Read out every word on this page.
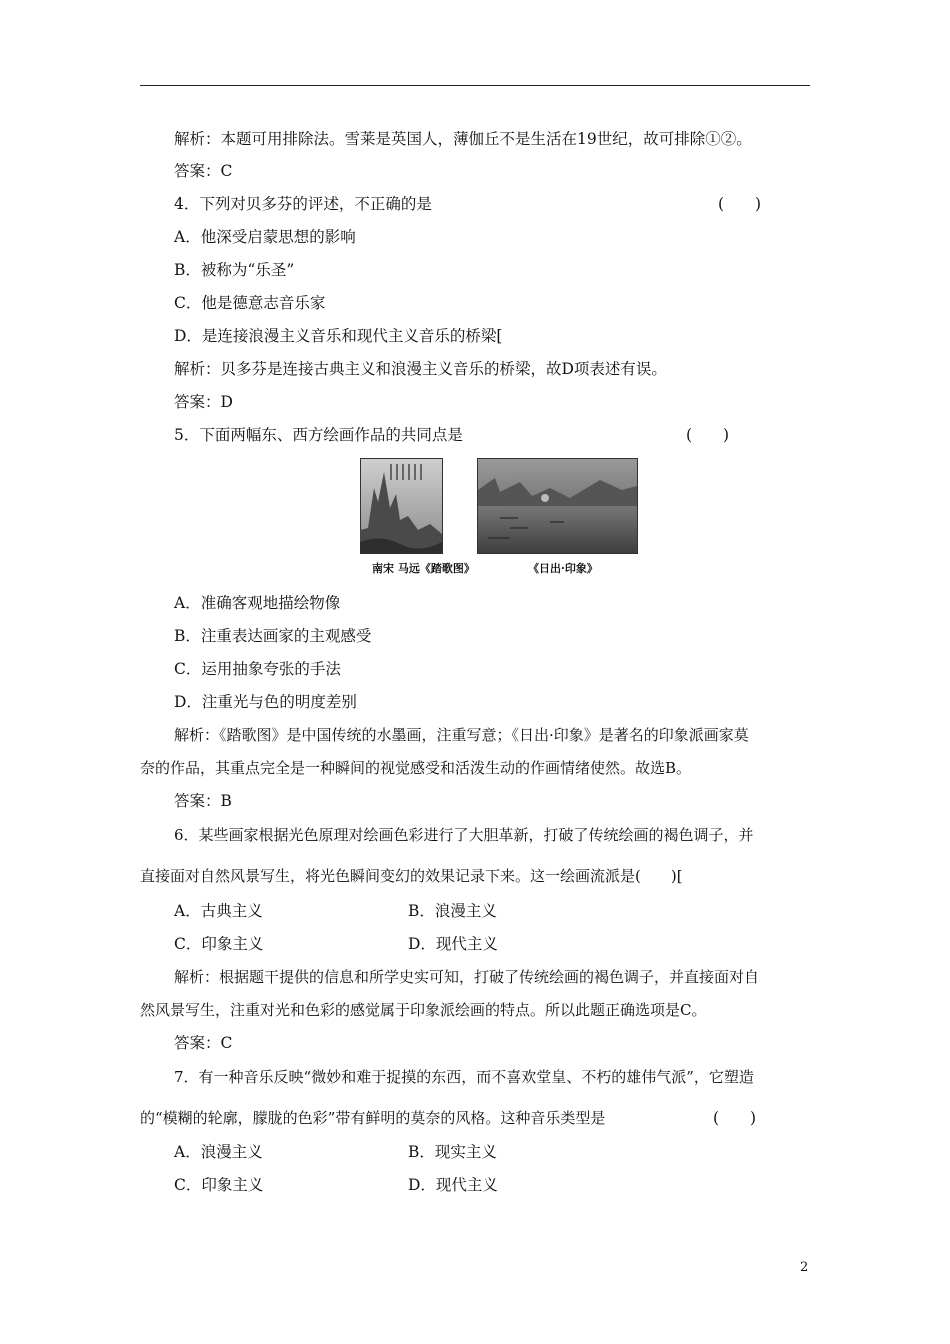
解析：本题可用排除法。雪莱是英国人，薄伽丘不是生活在19世纪，故可排除①②。
答案：C
4．下列对贝多芬的评述，不正确的是	(　　)
A．他深受启蒙思想的影响
B．被称为“乐圣”
C．他是德意志音乐家
D．是连接浪漫主义音乐和现代主义音乐的桥梁[
解析：贝多芬是连接古典主义和浪漫主义音乐的桥梁，故D项表述有误。
答案：D
5．下面两幅东、西方绘画作品的共同点是	(　　)
南宋 马远《踏歌图》	《日出·印象》
A．准确客观地描绘物像
B．注重表达画家的主观感受
C．运用抽象夸张的手法
D．注重光与色的明度差别
解析：《踏歌图》是中国传统的水墨画，注重写意；《日出·印象》是著名的印象派画家莫
奈的作品，其重点完全是一种瞬间的视觉感受和活泼生动的作画情绪使然。故选B。
答案：B
6．某些画家根据光色原理对绘画色彩进行了大胆革新，打破了传统绘画的褐色调子，并
直接面对自然风景写生，将光色瞬间变幻的效果记录下来。这一绘画流派是(　　)[
A．古典主义	B．浪漫主义
C．印象主义	D．现代主义
解析：根据题干提供的信息和所学史实可知，打破了传统绘画的褐色调子，并直接面对自
然风景写生，注重对光和色彩的感觉属于印象派绘画的特点。所以此题正确选项是C。
答案：C
7．有一种音乐反映“微妙和难于捉摸的东西，而不喜欢堂皇、不朽的雄伟气派”，它塑造
的“模糊的轮廓，朦胧的色彩”带有鲜明的莫奈的风格。这种音乐类型是	(　　)
A．浪漫主义	B．现实主义
C．印象主义	D．现代主义
2
